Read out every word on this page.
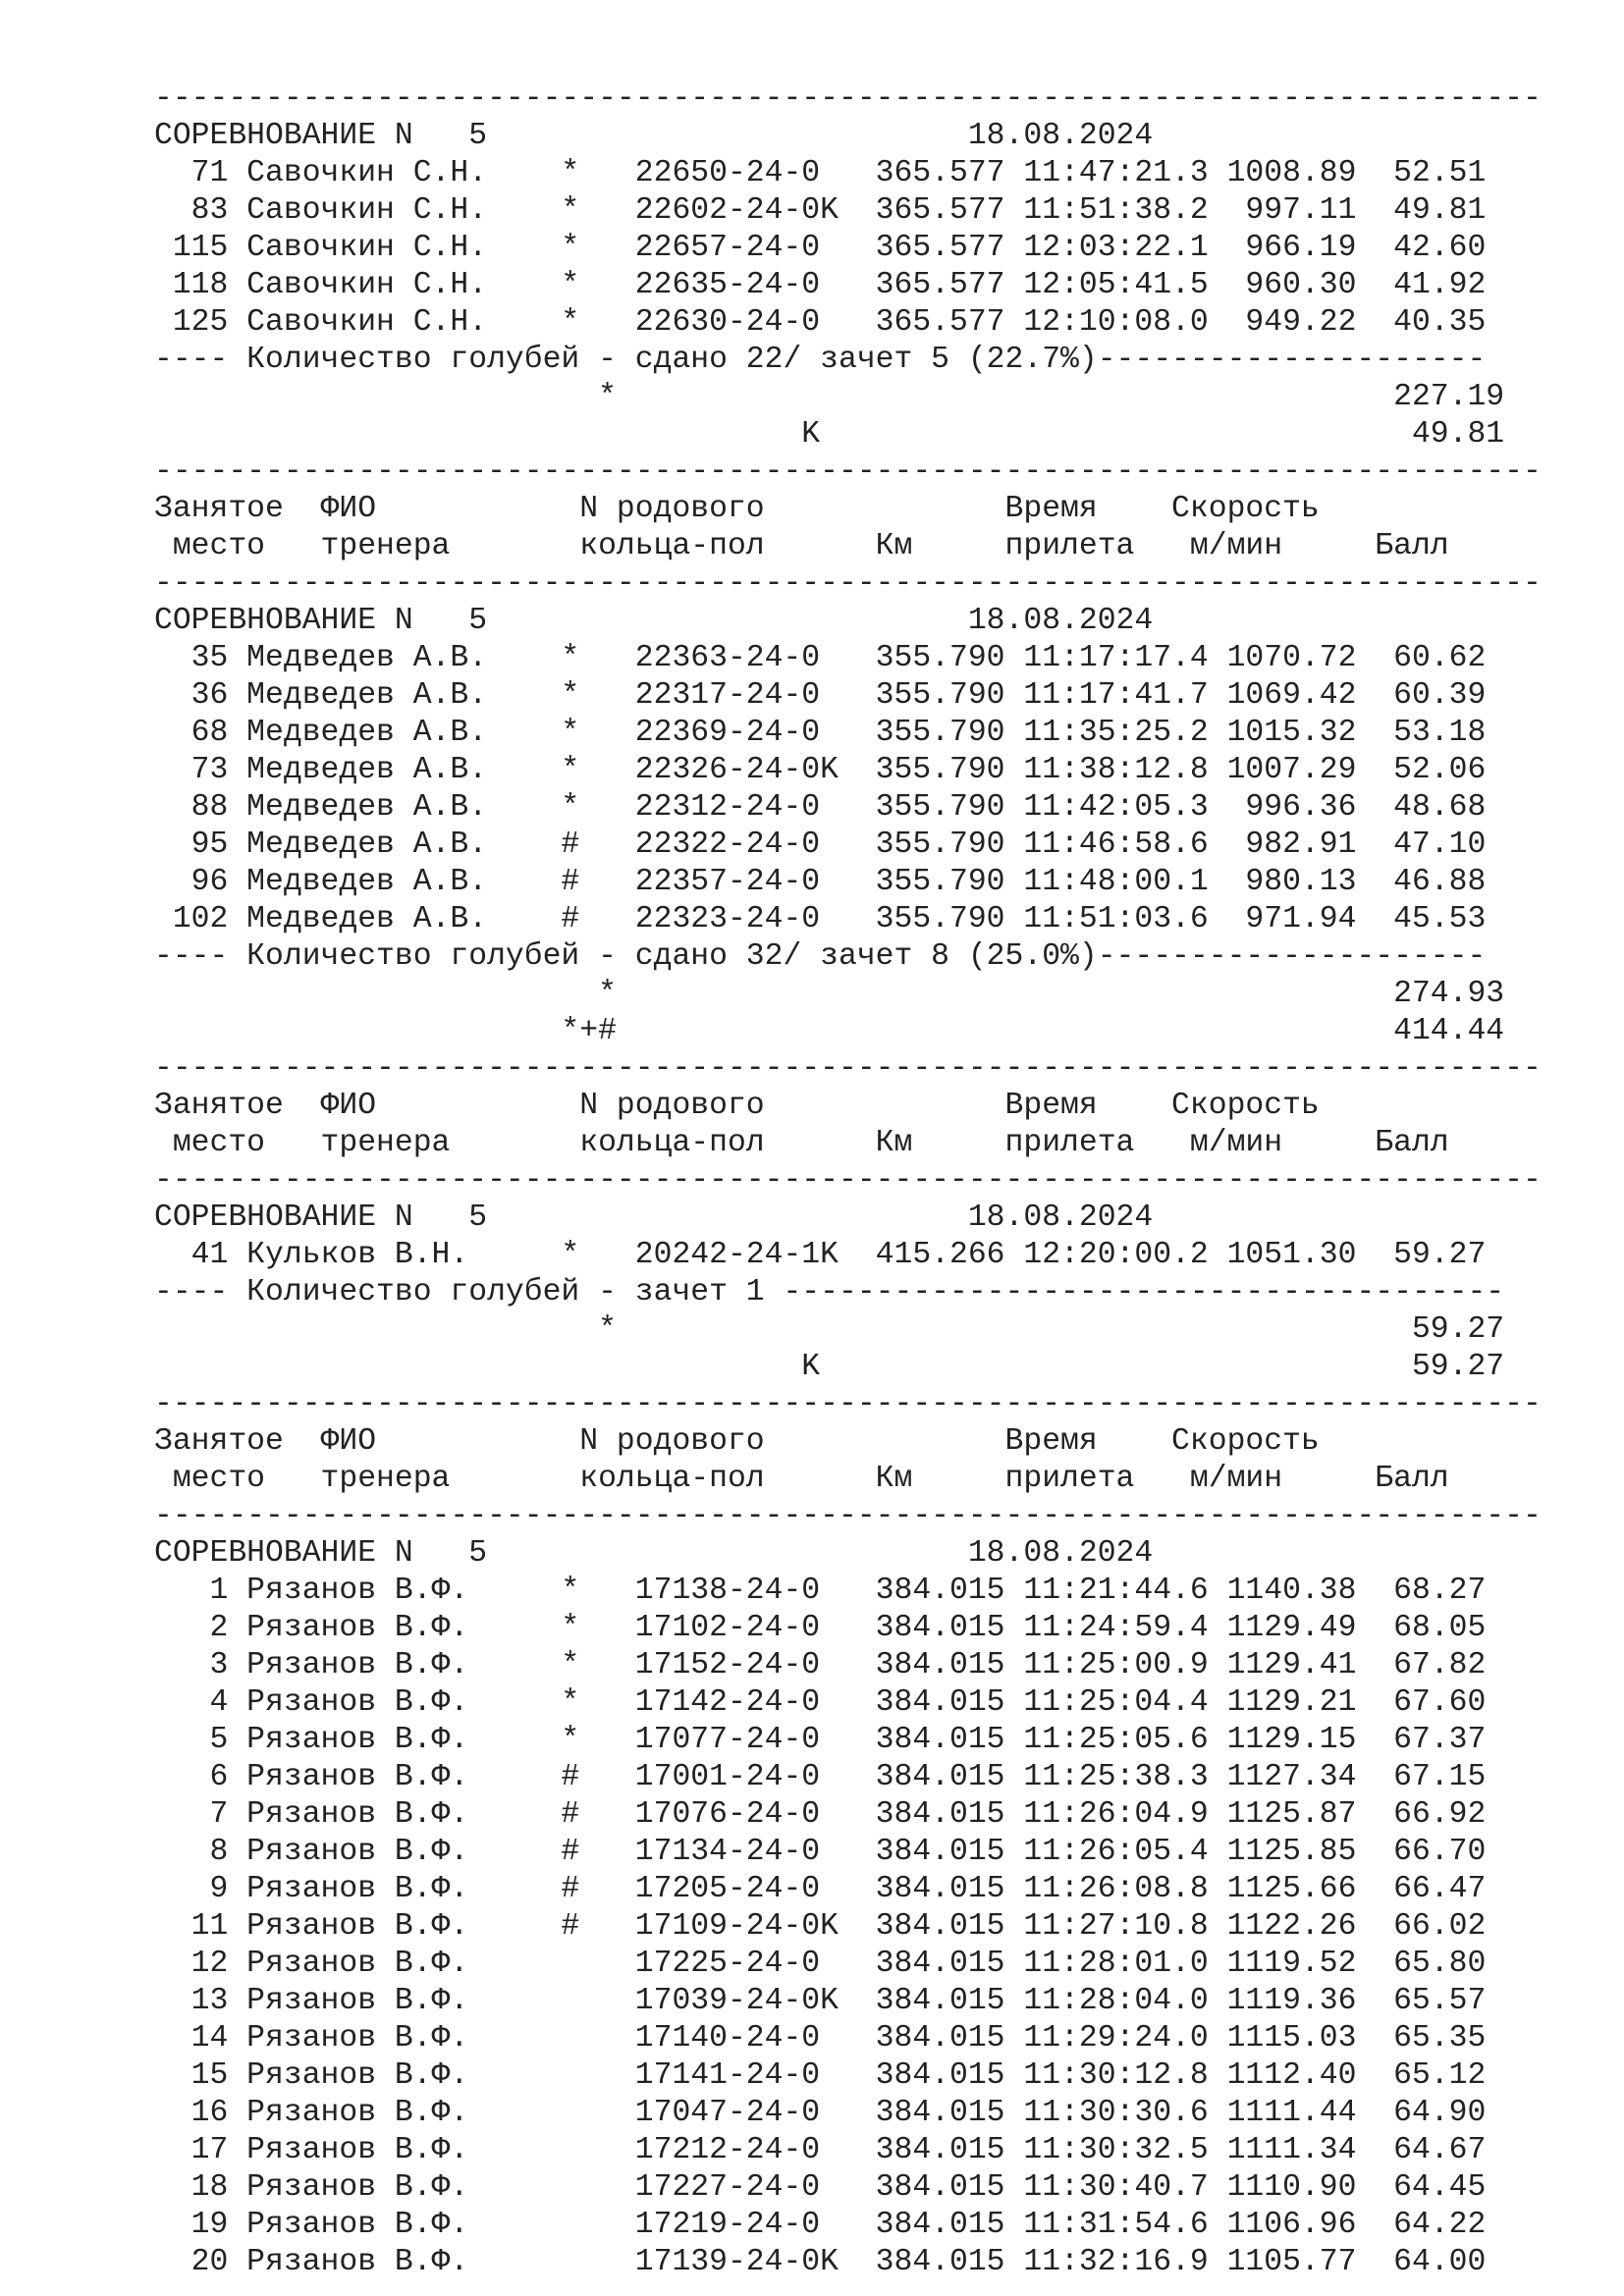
---------------------------------------------------------------------------
СОРЕВНОВАНИЕ N   5                          18.08.2024
71 Савочкин С.Н.    *   22650-24-0   365.577 11:47:21.3 1008.89  52.51
83 Савочкин С.Н.    *   22602-24-0K  365.577 11:51:38.2  997.11  49.81
115 Савочкин С.Н.    *   22657-24-0   365.577 12:03:22.1  966.19  42.60
118 Савочкин С.Н.    *   22635-24-0   365.577 12:05:41.5  960.30  41.92
125 Савочкин С.Н.    *   22630-24-0   365.577 12:10:08.0  949.22  40.35
---- Количество голубей - сдано 22/ зачет 5 (22.7%)---------------------
*                                          227.19
K                                49.81
---------------------------------------------------------------------------
Занятое  ФИО           N родового             Время    Скорость
место   тренера       кольца-пол      Км     прилета   м/мин     Балл
---------------------------------------------------------------------------
СОРЕВНОВАНИЕ N   5                          18.08.2024
35 Медведев А.В.    *   22363-24-0   355.790 11:17:17.4 1070.72  60.62
36 Медведев А.В.    *   22317-24-0   355.790 11:17:41.7 1069.42  60.39
68 Медведев А.В.    *   22369-24-0   355.790 11:35:25.2 1015.32  53.18
73 Медведев А.В.    *   22326-24-0K  355.790 11:38:12.8 1007.29  52.06
88 Медведев А.В.    *   22312-24-0   355.790 11:42:05.3  996.36  48.68
95 Медведев А.В.    #   22322-24-0   355.790 11:46:58.6  982.91  47.10
96 Медведев А.В.    #   22357-24-0   355.790 11:48:00.1  980.13  46.88
102 Медведев А.В.    #   22323-24-0   355.790 11:51:03.6  971.94  45.53
---- Количество голубей - сдано 32/ зачет 8 (25.0%)---------------------
*                                          274.93
*+#                                          414.44
---------------------------------------------------------------------------
Занятое  ФИО           N родового             Время    Скорость
место   тренера       кольца-пол      Км     прилета   м/мин     Балл
---------------------------------------------------------------------------
СОРЕВНОВАНИЕ N   5                          18.08.2024
41 Кульков В.Н.     *   20242-24-1K  415.266 12:20:00.2 1051.30  59.27
---- Количество голубей - зачет 1 ---------------------------------------
*                                           59.27
K                                59.27
---------------------------------------------------------------------------
Занятое  ФИО           N родового             Время    Скорость
место   тренера       кольца-пол      Км     прилета   м/мин     Балл
---------------------------------------------------------------------------
СОРЕВНОВАНИЕ N   5                          18.08.2024
1 Рязанов В.Ф.     *   17138-24-0   384.015 11:21:44.6 1140.38  68.27
2 Рязанов В.Ф.     *   17102-24-0   384.015 11:24:59.4 1129.49  68.05
3 Рязанов В.Ф.     *   17152-24-0   384.015 11:25:00.9 1129.41  67.82
4 Рязанов В.Ф.     *   17142-24-0   384.015 11:25:04.4 1129.21  67.60
5 Рязанов В.Ф.     *   17077-24-0   384.015 11:25:05.6 1129.15  67.37
6 Рязанов В.Ф.     #   17001-24-0   384.015 11:25:38.3 1127.34  67.15
7 Рязанов В.Ф.     #   17076-24-0   384.015 11:26:04.9 1125.87  66.92
8 Рязанов В.Ф.     #   17134-24-0   384.015 11:26:05.4 1125.85  66.70
9 Рязанов В.Ф.     #   17205-24-0   384.015 11:26:08.8 1125.66  66.47
11 Рязанов В.Ф.     #   17109-24-0K  384.015 11:27:10.8 1122.26  66.02
12 Рязанов В.Ф.         17225-24-0   384.015 11:28:01.0 1119.52  65.80
13 Рязанов В.Ф.         17039-24-0K  384.015 11:28:04.0 1119.36  65.57
14 Рязанов В.Ф.         17140-24-0   384.015 11:29:24.0 1115.03  65.35
15 Рязанов В.Ф.         17141-24-0   384.015 11:30:12.8 1112.40  65.12
16 Рязанов В.Ф.         17047-24-0   384.015 11:30:30.6 1111.44  64.90
17 Рязанов В.Ф.         17212-24-0   384.015 11:30:32.5 1111.34  64.67
18 Рязанов В.Ф.         17227-24-0   384.015 11:30:40.7 1110.90  64.45
19 Рязанов В.Ф.         17219-24-0   384.015 11:31:54.6 1106.96  64.22
20 Рязанов В.Ф.         17139-24-0K  384.015 11:32:16.9 1105.77  64.00
